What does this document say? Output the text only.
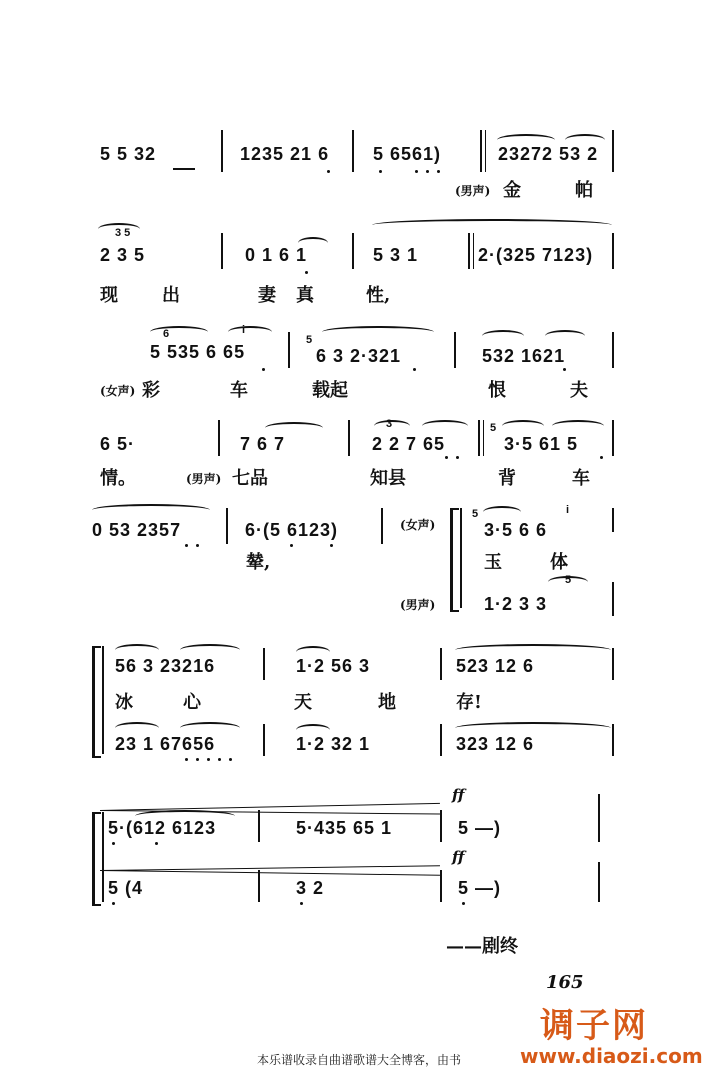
5 5 32	1235 21 6 5 6561)	23272 53 2
(男声) 金	帕
3 5
2 3 5	0 1 6 1	5 3 1	2·(325 7123)
现 出	妻 真	性,
6	i
5 535 6 65
5
6 3 2·321	532 1621
(女声) 彩	车	载起	恨	夫
6 5·	7 6 7
3
2 2 7 65
5
3·5 61 5
情。	(男声) 七品	知县	背	车
0 53 2357	6·(5 6123)	(女声)
5
3·5 6 6
i
辇,	玉	体
(男声)
5
1·2 3 3
56 3 23216	1·2 56 3	523 12 6
冰	心	天	地	存!
23 1 67656	1·2 32 1	323 12 6
ff
5·(612 6123	5·435 65 1	5 —)
ff
5 (4	3 2	5 —)
——剧终
165
调子网
www.diaozi.com
本乐谱收录自曲谱歌谱大全博客，由书
